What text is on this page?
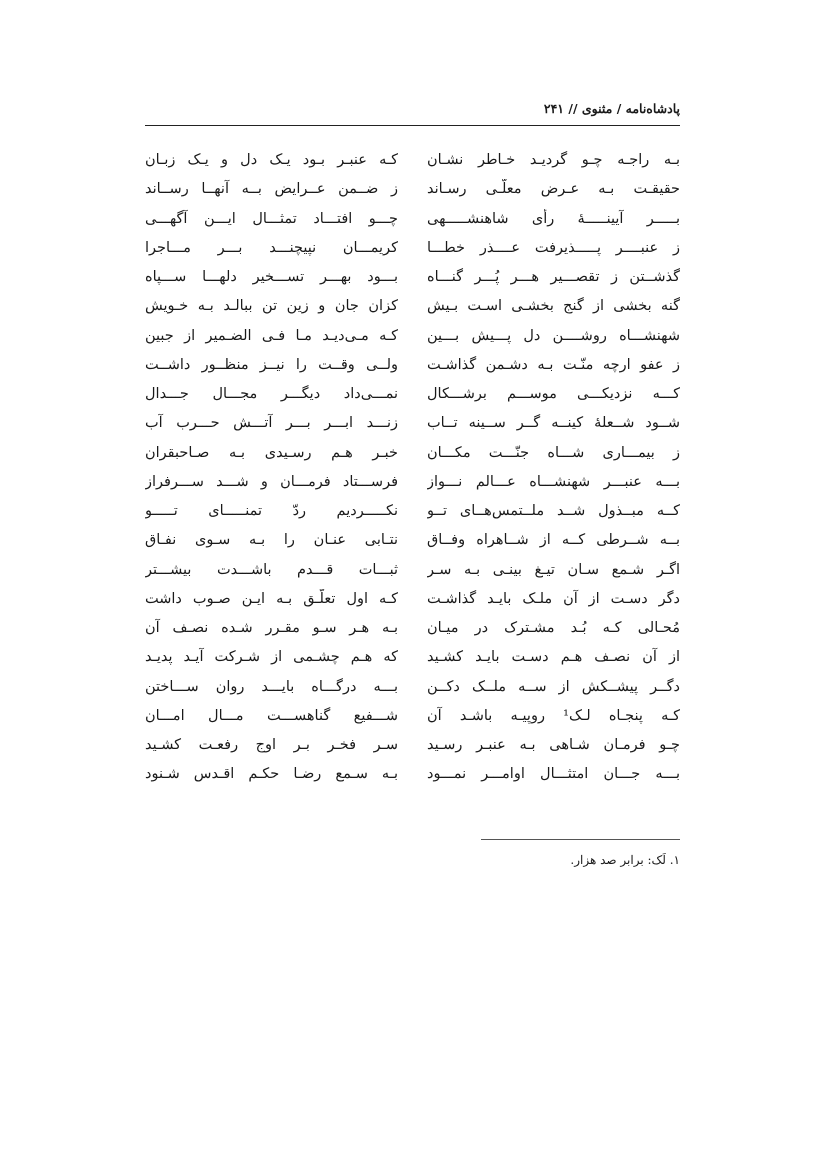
پادشاه‌نامه / مثنوی // ۲۴۱
بـه راجـه چـو گردیـد خـاطر نشـان
حقیقـت بـه عـرض معلّـی رسـاند
بـــــر آیینـــــهٔ رأی شاهنشـــــهی
ز عنبــــر پـــــذیرفت عــــذر خطـــا
گذشــتن ز تقصـــیر هـــر پُـــر گنـــاه
گنه بخشی از گنج بخشـی اسـت بـیش
شهنشـــاه روشــــن دل پـــیش بـــین
ز عفو ارچه منّـت بـه دشـمن گذاشـت
کـــه نزدیکـــی موســـم برشـــکال
شــود شــعلهٔ کینــه گــر ســینه تــاب
ز بیمـــاری شـــاه جنّـــت مکـــان
بـــه عنبـــر شهنشـــاه عـــالم نـــواز
کــه مبــذول شــد ملــتمس‌هــای تــو
بــه شــرطی کــه از شــاهراه وفــاق
اگـر شـمع سـان تیـغ بینـی بـه سـر
دگر دسـت از آن ملـک بایـد گذاشـت
مُحـالی کـه بُـد مشـترک در میـان
از آن نصـف هـم دسـت بایـد کشـید
دگــر پیشــکش از ســه ملــک دکــن
کـه پنجـاه لـک¹ روپیـه باشـد آن
چـو فرمـان شـاهی بـه عنبـر رسـید
بـــه جـــان امتثـــال اوامـــر نمـــود
کـه عنبـر بـود یـک دل و یـک زبـان
ز ضــمن عــرایض بــه آنهــا رســاند
چـــو افتـــاد تمثـــال ایـــن آگهـــی
کریمـــان نپیچنـــد بـــر مـــاجرا
بـــود بهـــر تســـخیر دلهـــا ســـپاه
کزان جان و زین تن ببالـد بـه خـویش
کـه مـی‌دیـد مـا فـی الضـمیر از جبین
ولــی وقــت را نیــز منظــور داشــت
نمـــی‌داد دیگـــر مجـــال جـــدال
زنـــد ابـــر بـــر آتـــش حـــرب آب
خبـر هـم رسـیدی بـه صـاحبقران
فرســـتاد فرمـــان و شـــد ســـرفراز
نکـــــردیم ردّ تمنـــــای تـــــو
نتـابی عنـان را بـه سـوی نفـاق
ثبـــات قـــدم باشـــدت بیشـــتر
کـه اول تعلّـق بـه ایـن صـوب داشت
بـه هـر سـو مقـرر شـده نصـف آن
که هـم چشـمی از شـرکت آیـد پدیـد
بـــه درگـــاه بایـــد روان ســـاختن
شـــفیع گناهســـت مـــال امـــان
سـر فخـر بـر اوج رفعـت کشـید
بـه سـمع رضـا حکـم اقـدس شـنود
۱. لَک: برابر صد هزار.
